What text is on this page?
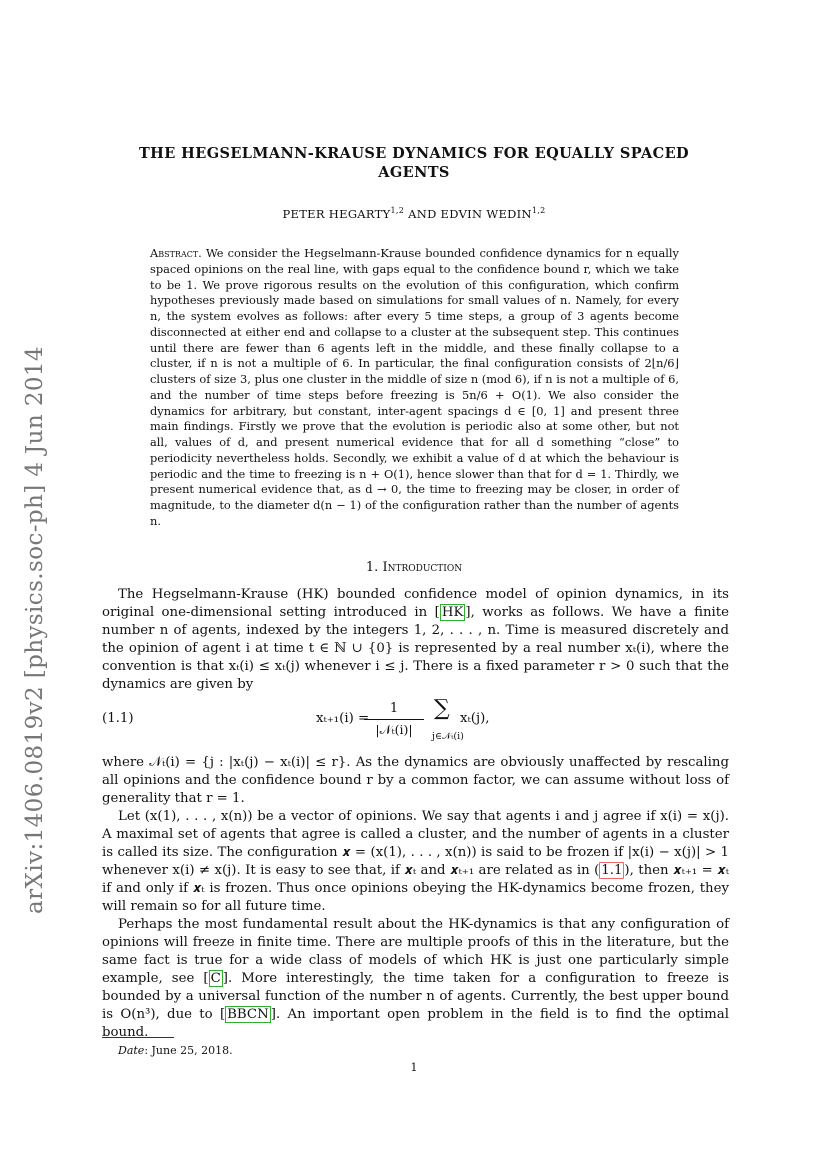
arXiv:1406.0819v2 [physics.soc-ph] 4 Jun 2014
THE HEGSELMANN-KRAUSE DYNAMICS FOR EQUALLY SPACED
AGENTS
PETER HEGARTY$^{1,2}$ AND EDVIN WEDIN$^{1,2}$
Abstract. We consider the Hegselmann-Krause bounded confidence dynamics for n equally spaced opinions on the real line, with gaps equal to the confidence bound r, which we take to be 1. We prove rigorous results on the evolution of this configuration, which confirm hypotheses previously made based on simulations for small values of n. Namely, for every n, the system evolves as follows: after every 5 time steps, a group of 3 agents become disconnected at either end and collapse to a cluster at the subsequent step. This continues until there are fewer than 6 agents left in the middle, and these finally collapse to a cluster, if n is not a multiple of 6. In particular, the final configuration consists of 2⌊n/6⌋ clusters of size 3, plus one cluster in the middle of size n (mod 6), if n is not a multiple of 6, and the number of time steps before freezing is 5n/6 + O(1). We also consider the dynamics for arbitrary, but constant, inter-agent spacings d ∈ [0, 1] and present three main findings. Firstly we prove that the evolution is periodic also at some other, but not all, values of d, and present numerical evidence that for all d something “close” to periodicity nevertheless holds. Secondly, we exhibit a value of d at which the behaviour is periodic and the time to freezing is n + O(1), hence slower than that for d = 1. Thirdly, we present numerical evidence that, as d → 0, the time to freezing may be closer, in order of magnitude, to the diameter d(n − 1) of the configuration rather than the number of agents n.
1. Introduction

The Hegselmann-Krause (HK) bounded confidence model of opinion dynamics, in its original one-dimensional setting introduced in [ HK ], works as follows. We have a finite number n of agents, indexed by the integers 1, 2, . . . , n. Time is measured discretely and the opinion of agent i at time t ∈ ℕ ∪ {0} is represented by a real number xₜ(i), where the convention is that xₜ(i) ≤ xₜ(j) whenever i ≤ j. There is a fixed parameter r > 0 such that the dynamics are given by

(1.1)	xₜ₊₁(i) =
1
|𝒩ₜ(i)|
∑
j∈𝒩ₜ(i)
xₜ(j),

where 𝒩ₜ(i) = {j : |xₜ(j) − xₜ(i)| ≤ r}. As the dynamics are obviously unaffected by rescaling all opinions and the confidence bound r by a common factor, we can assume without loss of generality that r = 1.

Let (x(1), . . . , x(n)) be a vector of opinions. We say that agents i and j agree if x(i) = x(j). A maximal set of agents that agree is called a cluster, and the number of agents in a cluster is called its size. The configuration 𝒙 = (x(1), . . . , x(n)) is said to be frozen if |x(i) − x(j)| > 1 whenever x(i) ≠ x(j). It is easy to see that, if 𝒙ₜ and 𝒙ₜ₊₁ are related as in ( 1.1 ), then 𝒙ₜ₊₁ = 𝒙ₜ if and only if 𝒙ₜ is frozen. Thus once opinions obeying the HK-dynamics become frozen, they will remain so for all future time.

Perhaps the most fundamental result about the HK-dynamics is that any configuration of opinions will freeze in finite time. There are multiple proofs of this in the literature, but the same fact is true for a wide class of models of which HK is just one particularly simple example, see [ C ]. More interestingly, the time taken for a configuration to freeze is bounded by a universal function of the number n of agents. Currently, the best upper bound is O(n³), due to [ BBCN ]. An important open problem in the field is to find the optimal bound.

Date: June 25, 2018.
1
